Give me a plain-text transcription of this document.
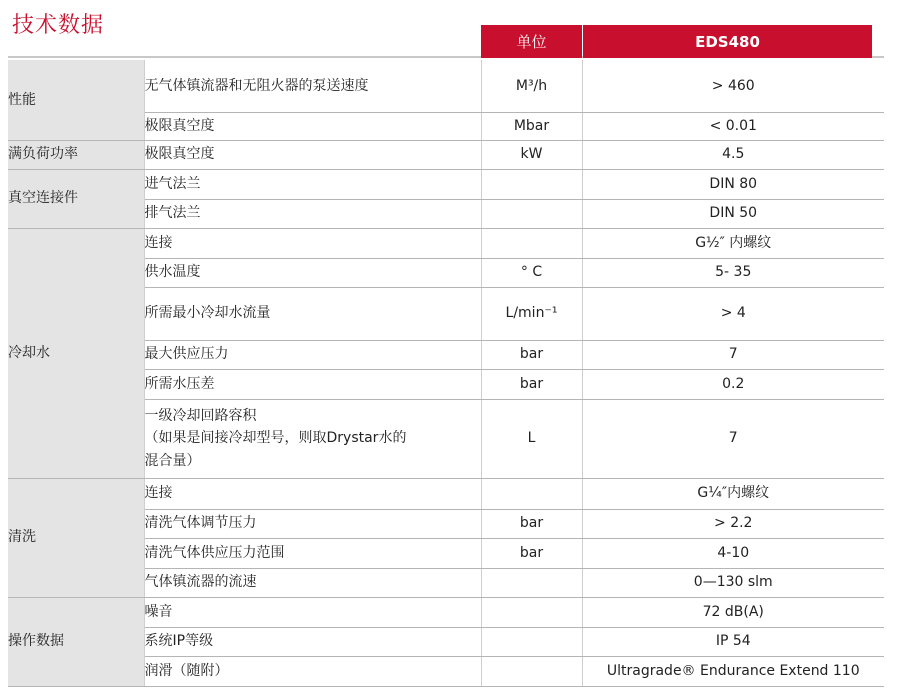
技术数据
单位	EDS480
性能	无气体镇流器和无阻火器的泵送速度	M³/h	> 460
	极限真空度	Mbar	< 0.01
满负荷功率	极限真空度	kW	4.5
真空连接件	进气法兰		DIN 80
	排气法兰		DIN 50
冷却水	连接		G½″ 内螺纹
	供水温度	° C	5- 35
	所需最小冷却水流量	L/min⁻¹	> 4
	最大供应压力	bar	7
	所需水压差	bar	0.2

	一级冷却回路容积
（如果是间接冷却型号，则取Drystar水的
混合量）	L	7
清洗	连接		G¼″内螺纹
	清洗气体调节压力	bar	> 2.2
	清洗气体供应压力范围	bar	4-10
	气体镇流器的流速		0—130 slm
操作数据	噪音		72 dB(A)
	系统IP等级		IP 54
	润滑（随附）		Ultragrade® Endurance Extend 110
